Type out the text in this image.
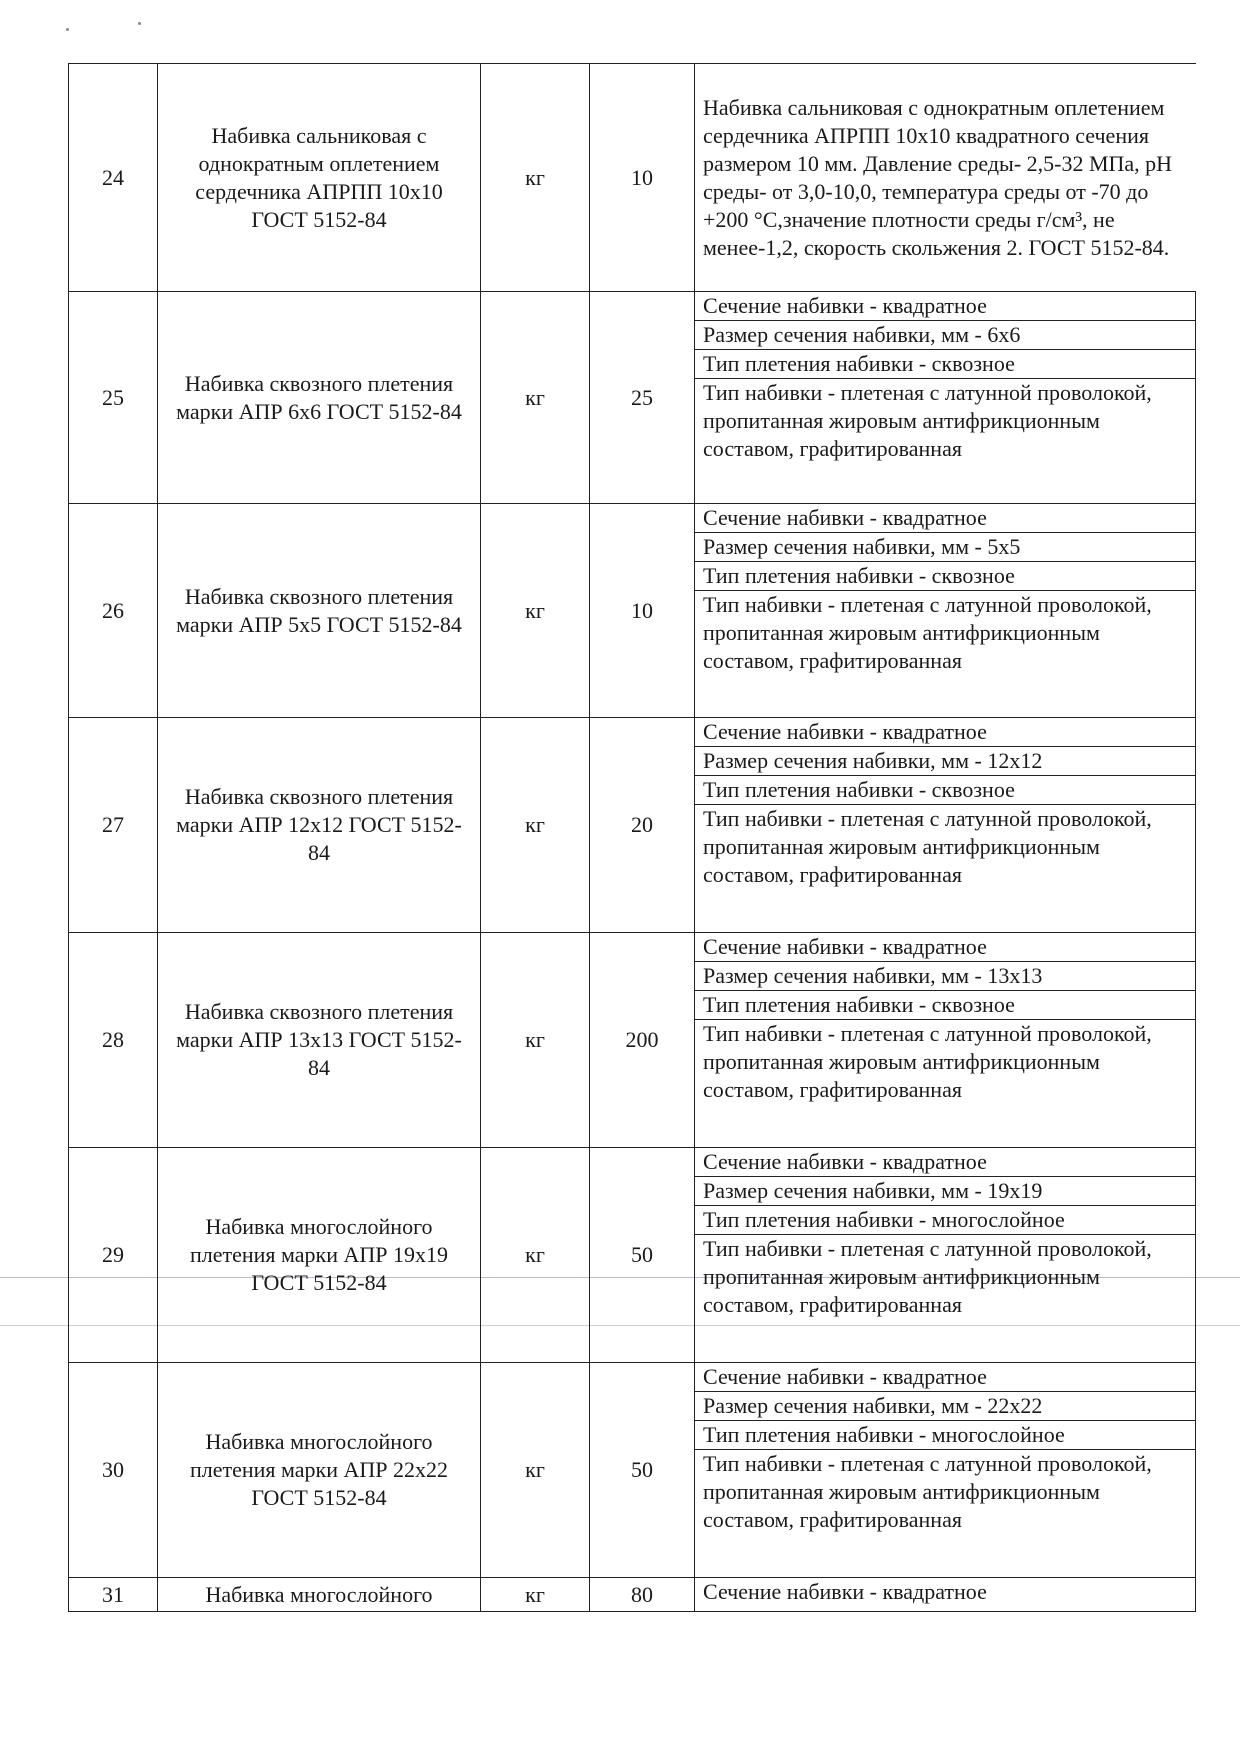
24	Набивка сальниковая с однократным оплетением сердечника АПРПП 10х10 ГОСТ 5152-84	кг	10	Набивка сальниковая с однократным оплетением сердечника АПРПП 10х10 квадратного сечения размером 10 мм. Давление среды- 2,5-32 МПа, pH среды- от 3,0-10,0, температура среды от -70 до +200 °C,значение плотности среды г/см³, не менее-1,2, скорость скольжения 2. ГОСТ 5152-84.

25	Набивка сквозного плетения марки АПР 6х6 ГОСТ 5152-84	кг	25	Сечение набивки - квадратное
Размер сечения набивки, мм - 6х6
Тип плетения набивки - сквозное
Тип набивки - плетеная с латунной проволокой, пропитанная жировым антифрикционным составом, графитированная

26	Набивка сквозного плетения марки АПР 5х5 ГОСТ 5152-84	кг	10	Сечение набивки - квадратное
Размер сечения набивки, мм - 5х5
Тип плетения набивки - сквозное
Тип набивки - плетеная с латунной проволокой, пропитанная жировым антифрикционным составом, графитированная

27	Набивка сквозного плетения марки АПР 12х12 ГОСТ 5152-84	кг	20	Сечение набивки - квадратное
Размер сечения набивки, мм - 12х12
Тип плетения набивки - сквозное
Тип набивки - плетеная с латунной проволокой, пропитанная жировым антифрикционным составом, графитированная

28	Набивка сквозного плетения марки АПР 13х13 ГОСТ 5152-84	кг	200	Сечение набивки - квадратное
Размер сечения набивки, мм - 13х13
Тип плетения набивки - сквозное
Тип набивки - плетеная с латунной проволокой, пропитанная жировым антифрикционным составом, графитированная

29	Набивка многослойного плетения марки АПР 19х19 ГОСТ 5152-84	кг	50	Сечение набивки - квадратное
Размер сечения набивки, мм - 19х19
Тип плетения набивки - многослойное
Тип набивки - плетеная с латунной проволокой, пропитанная жировым антифрикционным составом, графитированная

30	Набивка многослойного плетения марки АПР 22х22 ГОСТ 5152-84	кг	50	Сечение набивки - квадратное
Размер сечения набивки, мм - 22х22
Тип плетения набивки - многослойное
Тип набивки - плетеная с латунной проволокой, пропитанная жировым антифрикционным составом, графитированная

31	Набивка многослойного	кг	80	Сечение набивки - квадратное
